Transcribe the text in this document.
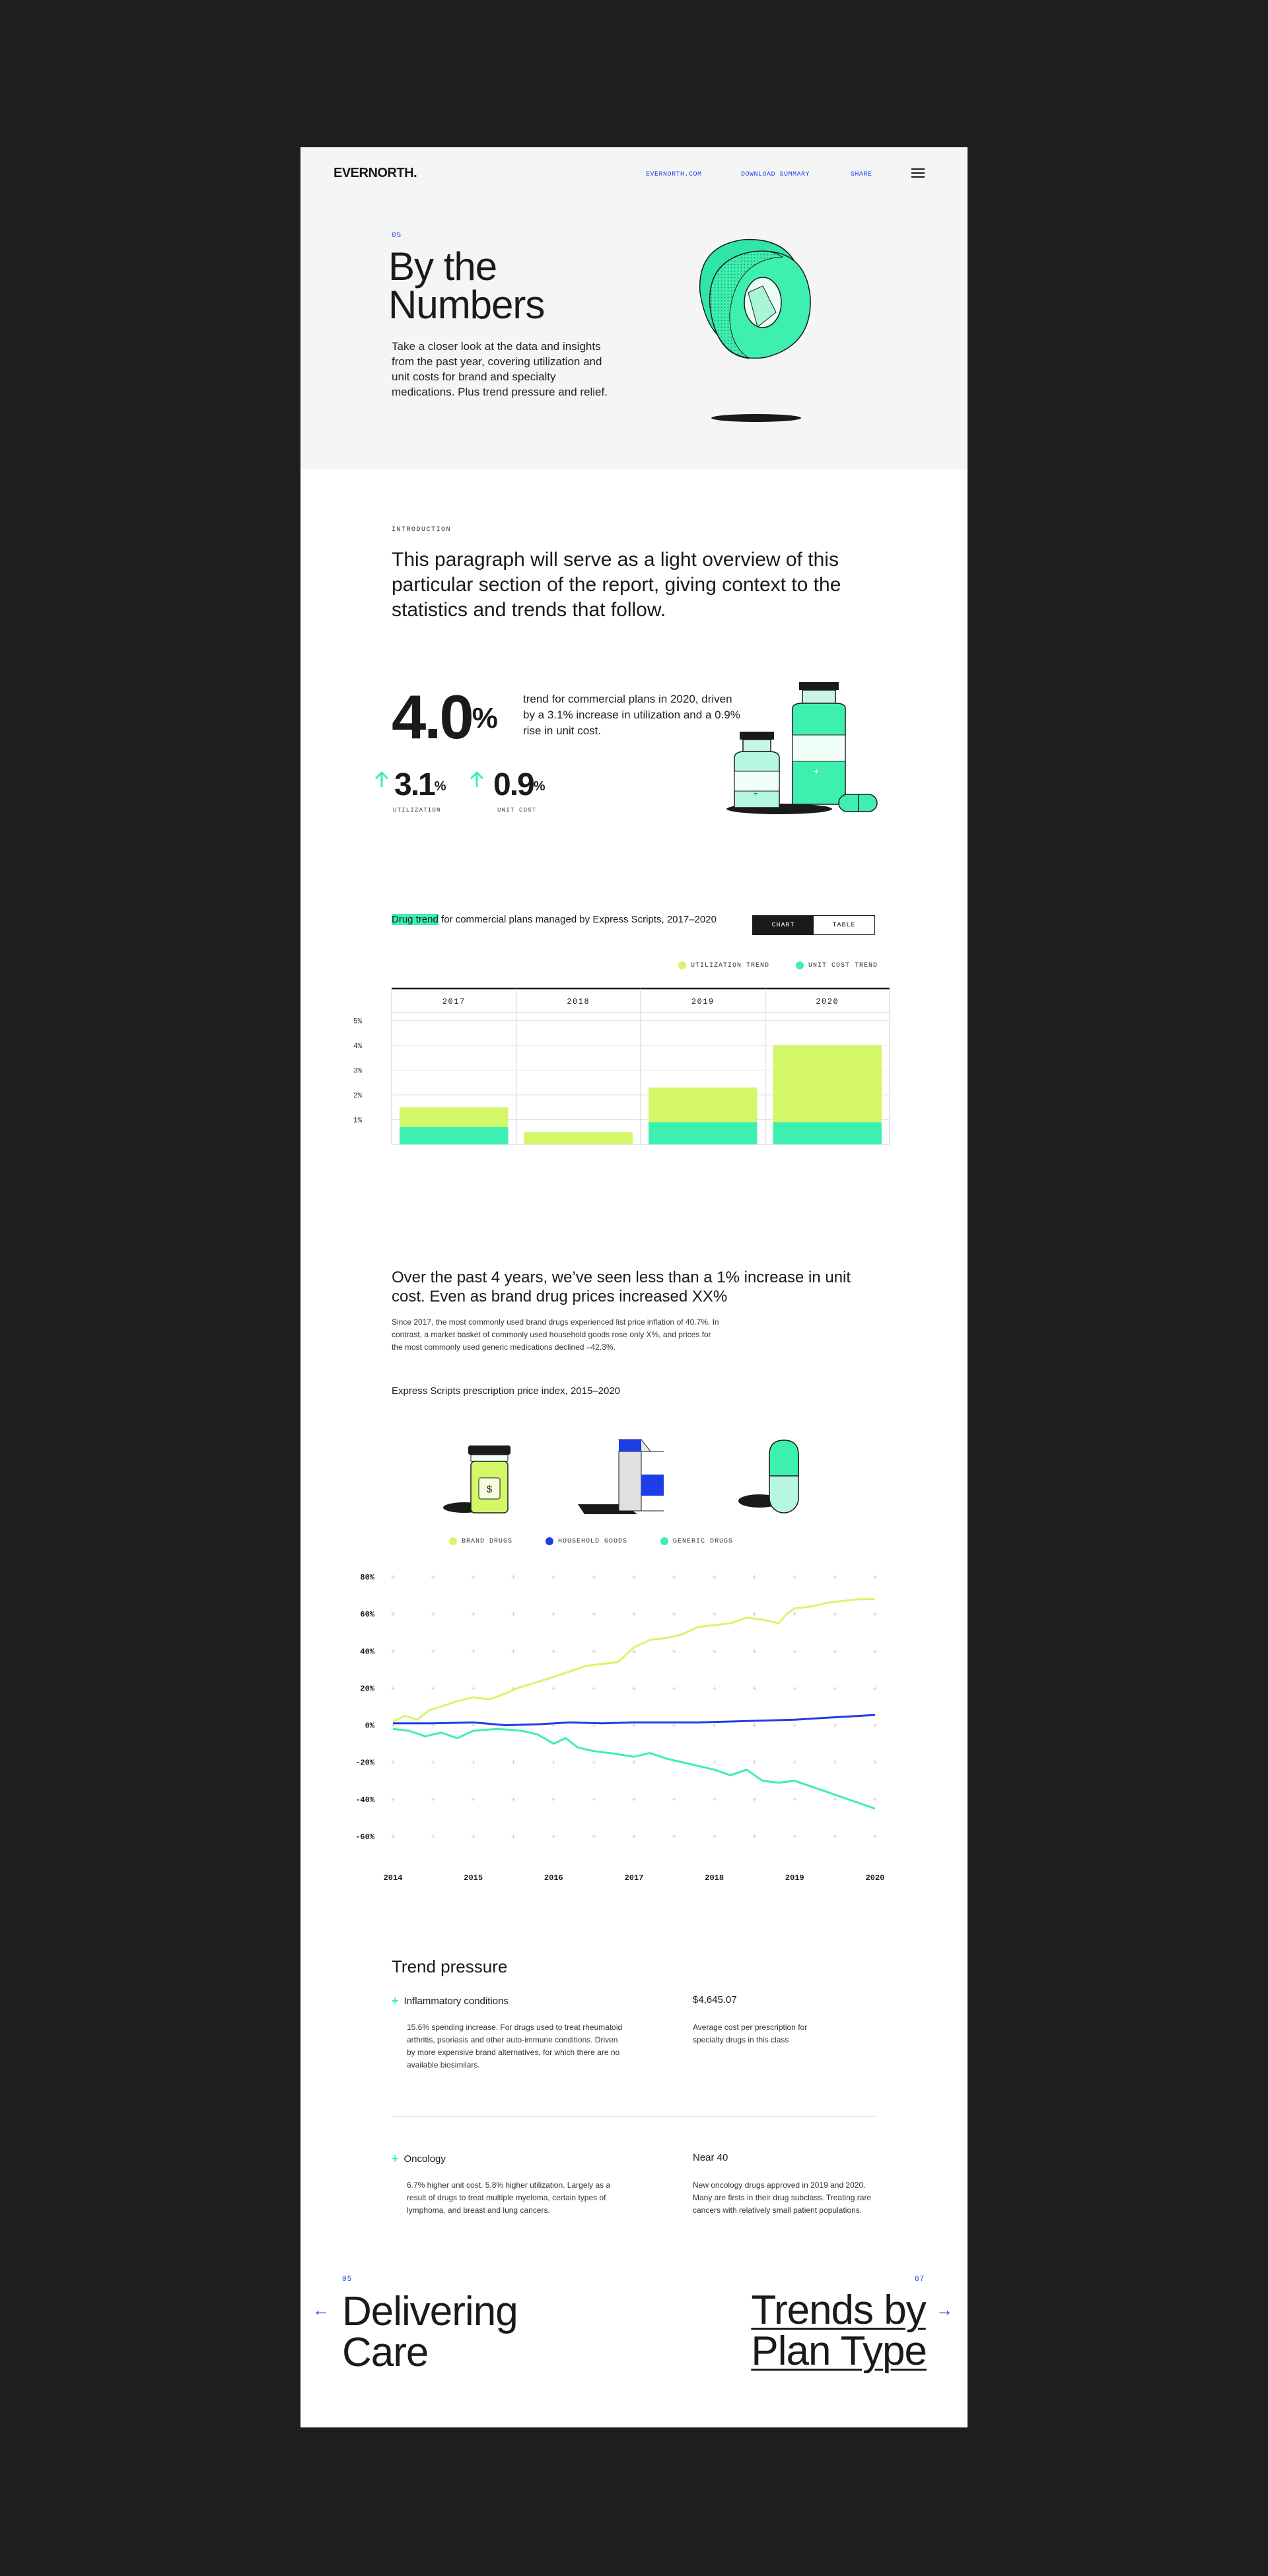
EVERNORTH.	EVERNORTH.COM	DOWNLOAD SUMMARY	SHARE
05
By the
Numbers
Take a closer look at the data and insights from the past year, covering utilization and unit costs for brand and specialty medications. Plus trend pressure and relief.
INTRODUCTION
This paragraph will serve as a light overview of this particular section of the report, giving context to the statistics and trends that follow.
4.0%
trend for commercial plans in 2020, driven by a 3.1% increase in utilization and a 0.9% rise in unit cost.
3.1%
UTILIZATION
0.9%
UNIT COST
+
+
Drug trend for commercial plans managed by Express Scripts, 2017–2020	CHART	TABLE
UTILIZATION TREND	UNIT COST TREND
1%
2%
3%
4%
5%
2017	2018	2019	2020
Over the past 4 years, we’ve seen less than a 1% increase in unit cost. Even as brand drug prices increased XX%
Since 2017, the most commonly used brand drugs experienced list price inflation of 40.7%. In contrast, a market basket of commonly used household goods rose only X%, and prices for the most commonly used generic medications declined –42.3%.
Express Scripts prescription price index, 2015–2020
$
BRAND DRUGS	HOUSEHOLD GOODS	GENERIC DRUGS
80% +	+	+	+	+	+	+	+	+	+	+	+	+
60% +	+	+	+	+	+	+	+	+	+	+	+	+
40% +	+	+	+	+	+	+	+	+	+	+	+	+
20% +	+	+	+	+	+	+	+	+	+	+	+	+
0% +	+	+	+	+	+	+	+	+	+	+	+	+
-20% +	+	+	+	+	+	+	+	+	+	+	+	+
-40% +	+	+	+	+	+	+	+	+	+	+	+	+
-60% +	+	+	+	+	+	+	+	+	+	+	+	+
2014	2015	2016	2017	2018	2019	2020
Trend pressure
+ Inflammatory conditions
15.6% spending increase. For drugs used to treat rheumatoid arthritis, psoriasis and other auto-immune conditions. Driven by more expensive brand alternatives, for which there are no available biosimilars.
$4,645.07
Average cost per prescription for specialty drugs in this class
+ Oncology
6.7% higher unit cost. 5.8% higher utilization. Largely as a result of drugs to treat multiple myeloma, certain types of lymphoma, and breast and lung cancers.
Near 40
New oncology drugs approved in 2019 and 2020. Many are firsts in their drug subclass. Treating rare cancers with relatively small patient populations.
05
← Delivering
Care
07
Trends by
Plan Type
→
